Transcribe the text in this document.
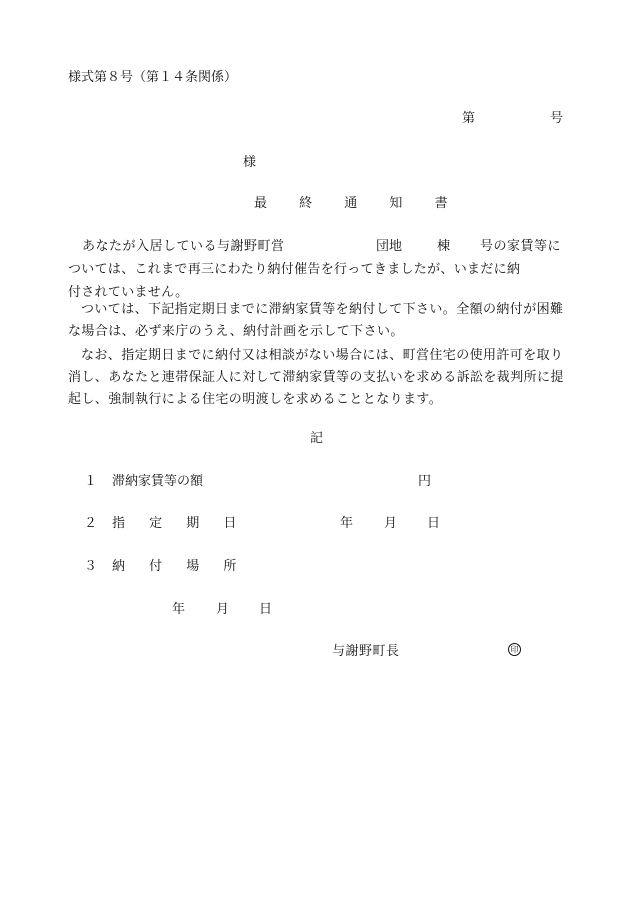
様式第８号（第１４条関係）
第	号
様
最 終 通 知 書
あなたが入居している与謝野町営	団地	棟 号の家賃等に
ついては、これまで再三にわたり納付催告を行ってきましたが、いまだに納
付されていません。
ついては、下記指定期日までに滞納家賃等を納付して下さい。全額の納付が困難な場合は、必ず来庁のうえ、納付計画を示して下さい。
なお、指定期日までに納付又は相談がない場合には、町営住宅の使用許可を取り消し、あなたと連帯保証人に対して滞納家賃等の支払いを求める訴訟を裁判所に提起し、強制執行による住宅の明渡しを求めることとなります。
記
１ 滞納家賃等の額	円
２ 指 定 期 日	年 月 日
３ 納 付 場 所
年 月 日
与謝野町長	印
